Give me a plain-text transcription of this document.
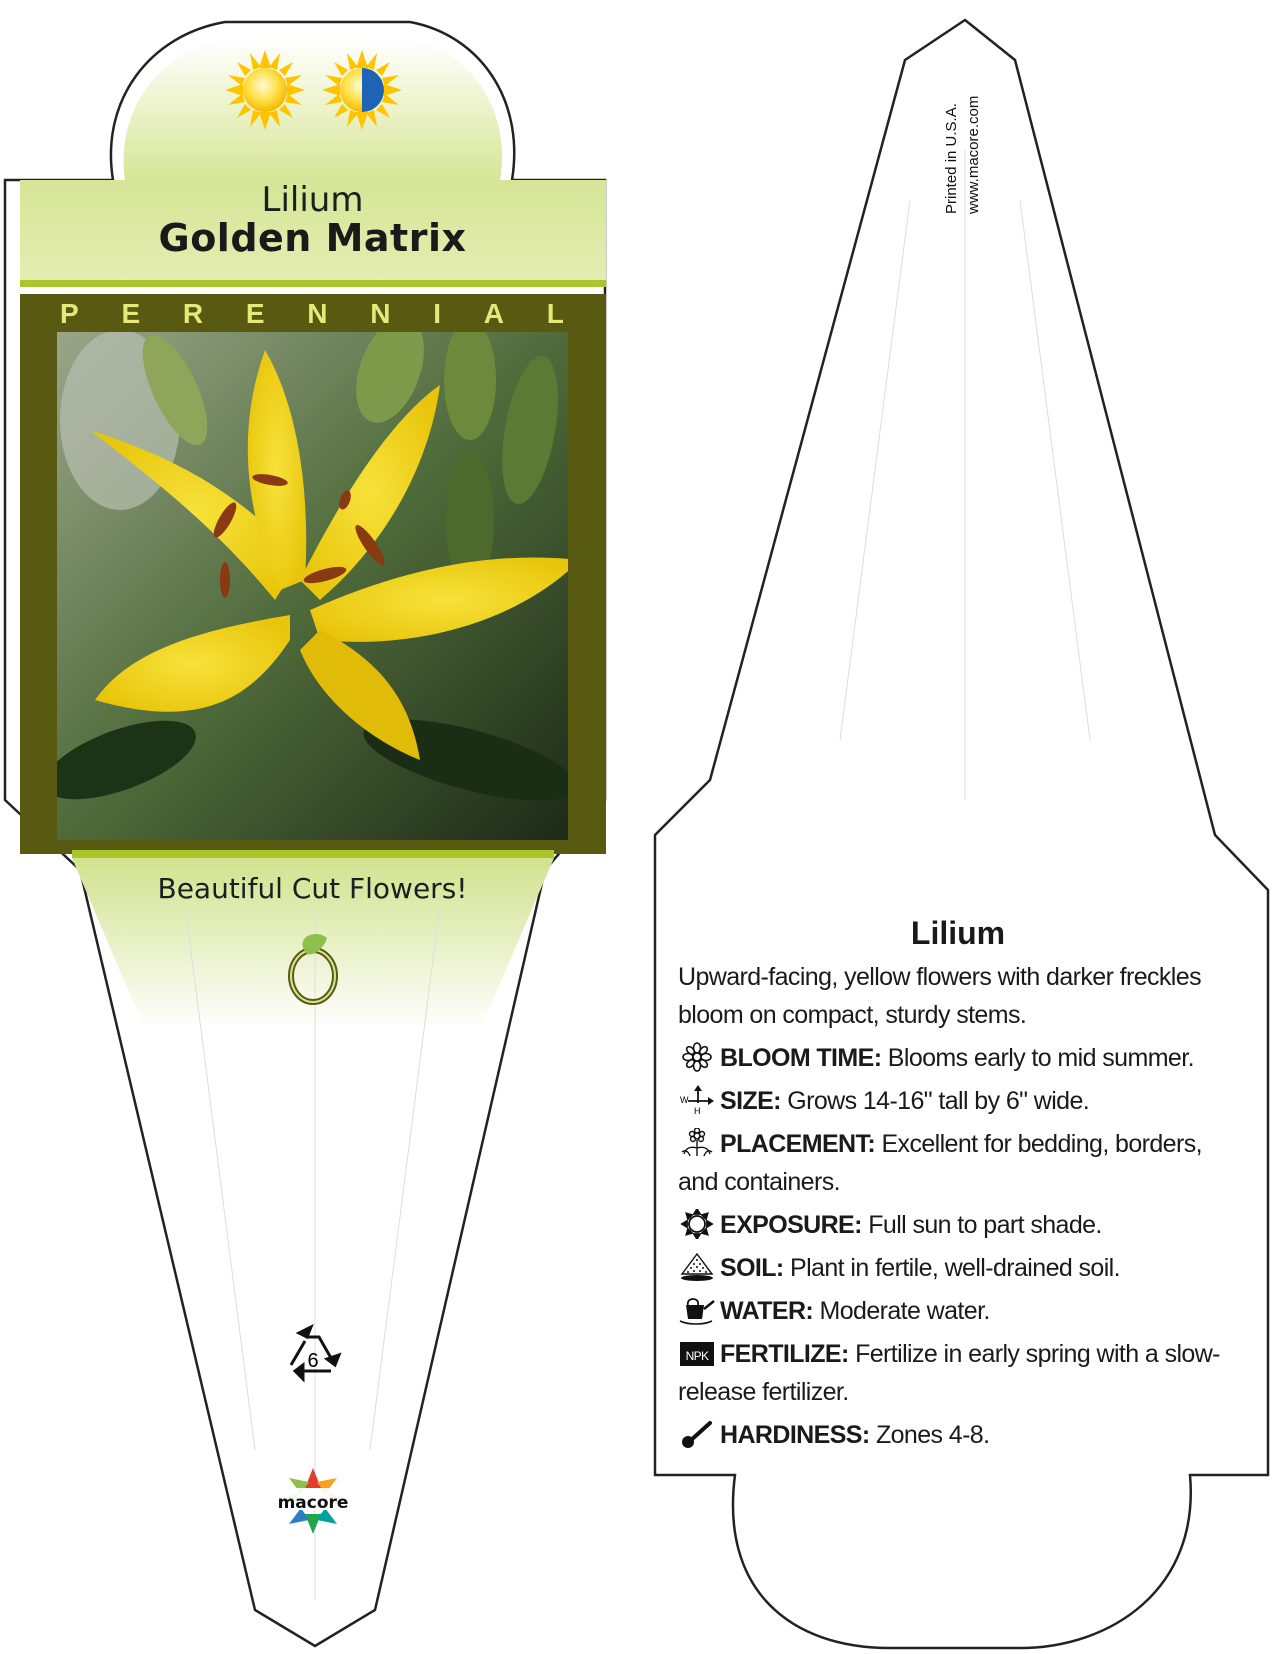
Lilium
Golden Matrix
P E R E N N I A L
Beautiful Cut Flowers!
6
macore
Printed in U.S.A. www.macore.com
Lilium
Upward-facing, yellow flowers with darker freckles bloom on compact, sturdy stems.
BLOOM TIME: Blooms early to mid summer.
W
H SIZE: Grows 14-16" tall by 6" wide.
PLACEMENT: Excellent for bedding, borders, and containers.
EXPOSURE: Full sun to part shade.
SOIL: Plant in fertile, well-drained soil.
WATER: Moderate water.
NPK FERTILIZE: Fertilize in early spring with a slow-release fertilizer.
HARDINESS: Zones 4-8.
